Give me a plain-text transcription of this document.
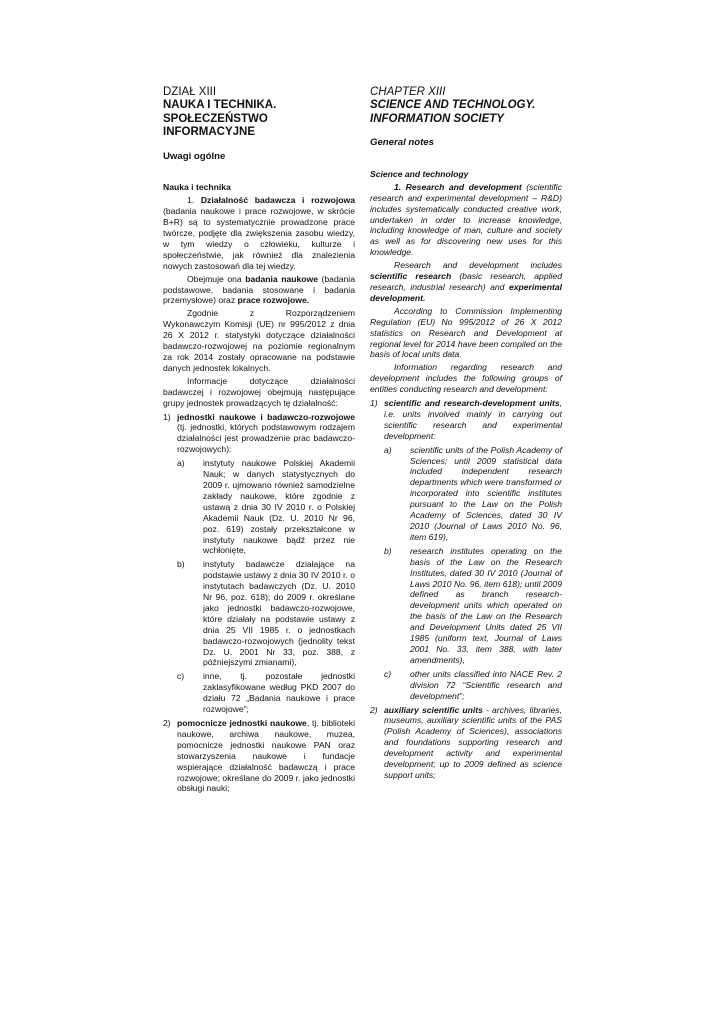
DZIAŁ XIII
NAUKA I TECHNIKA.
SPOŁECZEŃSTWO INFORMACYJNE
Uwagi ogólne
Nauka i technika

1. Działalność badawcza i rozwojowa (badania naukowe i prace rozwojowe, w skrócie B+R) są to systematycznie prowadzone prace twórcze, podjęte dla zwiększenia zasobu wiedzy, w tym wiedzy o człowieku, kulturze i społeczeństwie, jak również dla znalezienia nowych zastosowań dla tej wiedzy.

Obejmuje ona badania naukowe (badania podstawowe, badania stosowane i badania przemysłowe) oraz prace rozwojowe.

Zgodnie z Rozporządzeniem Wykonawczym Komisji (UE) nr 995/2012 z dnia 26 X 2012 r. statystyki dotyczące działalności badawczo-rozwojowej na poziomie regionalnym za rok 2014 zostały opracowane na podstawie danych jednostek lokalnych.

Informacje dotyczące działalności badawczej i rozwojowej obejmują następujące grupy jednostek prowadzących tę działalność:

1) jednostki naukowe i badawczo-rozwojowe (tj. jednostki, których podstawowym rodzajem działalności jest prowadzenie prac badawczo-rozwojowych):
a) instytuty naukowe Polskiej Akademii Nauk; w danych statystycznych do 2009 r. ujmowano również samodzielne zakłady naukowe, które zgodnie z ustawą z dnia 30 IV 2010 r. o Polskiej Akademii Nauk (Dz. U. 2010 Nr 96, poz. 619) zostały przekształcone w instytuty naukowe bądź przez nie wchłonięte,
b) instytuty badawcze działające na podstawie ustawy z dnia 30 IV 2010 r. o instytutach badawczych (Dz. U. 2010 Nr 96, poz. 618); do 2009 r. określane jako jednostki badawczo-rozwojowe, które działały na podstawie ustawy z dnia 25 VII 1985 r. o jednostkach badawczo-rozwojowych (jednolity tekst Dz. U. 2001 Nr 33, poz. 388, z późniejszymi zmianami),
c) inne, tj. pozostałe jednostki zaklasyfikowane według PKD 2007 do działu 72 „Badania naukowe i prace rozwojowe”;
2) pomocnicze jednostki naukowe, tj. biblioteki naukowe, archiwa naukowe, muzea, pomocnicze jednostki naukowe PAN oraz stowarzyszenia naukowe i fundacje wspierające działalność badawczą i prace rozwojowe; określane do 2009 r. jako jednostki obsługi nauki;
CHAPTER XIII
SCIENCE AND TECHNOLOGY.
INFORMATION SOCIETY
General notes
Science and technology

1. Research and development (scientific research and experimental development – R&D) includes systematically conducted creative work, undertaken in order to increase knowledge, including knowledge of man, culture and society as well as for discovering new uses for this knowledge.

Research and development includes scientific research (basic research, applied research, industrial research) and experimental development.

According to Commission Implementing Regulation (EU) No 995/2012 of 26 X 2012 statistics on Research and Development at regional level for 2014 have been compiled on the basis of local units data.

Information regarding research and development includes the following groups of entities conducting research and development:

1) scientific and research-development units, i.e. units involved mainly in carrying out scientific research and experimental development:
a) scientific units of the Polish Academy of Sciences; until 2009 statistical data included independent research departments which were transformed or incorporated into scientific institutes pursuant to the Law on the Polish Academy of Sciences, dated 30 IV 2010 (Journal of Laws 2010 No. 96, item 619),
b) research institutes operating on the basis of the Law on the Research Institutes, dated 30 IV 2010 (Journal of Laws 2010 No. 96, item 618); until 2009 defined as branch research-development units which operated on the basis of the Law on the Research and Development Units dated 25 VII 1985 (uniform text, Journal of Laws 2001 No. 33, item 388, with later amendments),
c) other units classified into NACE Rev. 2 division 72 “Scientific research and development”;
2) auxiliary scientific units - archives, libraries, museums, auxiliary scientific units of the PAS (Polish Academy of Sciences), associations and foundations supporting research and development activity and experimental development; up to 2009 defined as science support units;
